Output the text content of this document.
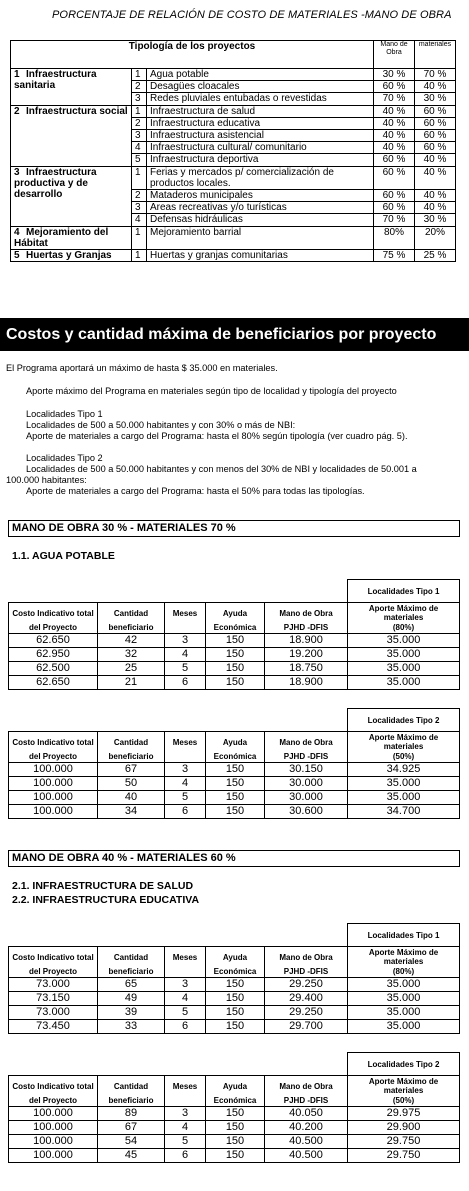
PORCENTAJE DE RELACIÓN DE COSTO DE MATERIALES -MANO DE OBRA
Tipología de los proyectos			Mano de Obra	materiales
1 Infraestructura sanitaria	1	Agua potable	30 %	70 %
	2	Desagües cloacales	60 %	40 %
	3	Redes pluviales entubadas o revestidas	70 %	30 %
2 Infraestructura social	1	Infraestructura de salud	40 %	60 %
	2	Infraestructura educativa	40 %	60 %
	3	Infraestructura asistencial	40 %	60 %
	4	Infraestructura cultural/ comunitario	40 %	60 %
	5	Infraestructura deportiva	60 %	40 %
3 Infraestructura productiva y de desarrollo	1	Ferias y mercados p/ comercialización de productos locales.	60 %	40 %
	2	Mataderos municipales	60 %	40 %
	3	Areas recreativas y/o turísticas	60 %	40 %
	4	Defensas hidráulicas	70 %	30 %
4 Mejoramiento del Hábitat	1	Mejoramiento barrial	80%	20%
5 Huertas y Granjas	1	Huertas y granjas comunitarias	75 %	25 %
Costos y cantidad máxima de beneficiarios por proyecto
El Programa aportará un máximo de hasta $ 35.000 en materiales.
Aporte máximo del Programa en materiales según tipo de localidad y tipología del proyecto
Localidades Tipo 1
Localidades de 500 a 50.000 habitantes y con 30% o más de NBI:
Aporte de materiales a cargo del Programa: hasta el 80% según tipología (ver cuadro pág. 5).
Localidades Tipo 2
Localidades de 500 a 50.000 habitantes y con menos del 30% de NBI y localidades de 50.001 a
100.000 habitantes:
Aporte de materiales a cargo del Programa: hasta el 50% para todas las tipologías.
MANO DE OBRA 30 % - MATERIALES 70 %
1.1. AGUA POTABLE
MANO DE OBRA 40 % - MATERIALES 60 %
2.1. INFRAESTRUCTURA DE SALUD
2.2. INFRAESTRUCTURA EDUCATIVA
					Localidades Tipo 1
Costo Indicativo total	Cantidad	Meses	Ayuda	Mano de Obra	Aporte Máximo de materiales
del Proyecto	beneficiario		Económica	PJHD -DFIS	(80%)
62.650	42	3	150	18.900	35.000
62.950	32	4	150	19.200	35.000
62.500	25	5	150	18.750	35.000
62.650	21	6	150	18.900	35.000
					Localidades Tipo 2
Costo Indicativo total	Cantidad	Meses	Ayuda	Mano de Obra	Aporte Máximo de materiales
del Proyecto	beneficiario		Económica	PJHD -DFIS	(50%)
100.000	67	3	150	30.150	34.925
100.000	50	4	150	30.000	35.000
100.000	40	5	150	30.000	35.000
100.000	34	6	150	30.600	34.700
					Localidades Tipo 1
Costo Indicativo total	Cantidad	Meses	Ayuda	Mano de Obra	Aporte Máximo de materiales
del Proyecto	beneficiario		Económica	PJHD -DFIS	(80%)
73.000	65	3	150	29.250	35.000
73.150	49	4	150	29.400	35.000
73.000	39	5	150	29.250	35.000
73.450	33	6	150	29.700	35.000
					Localidades Tipo 2
Costo Indicativo total	Cantidad	Meses	Ayuda	Mano de Obra	Aporte Máximo de materiales
del Proyecto	beneficiario		Económica	PJHD -DFIS	(50%)
100.000	89	3	150	40.050	29.975
100.000	67	4	150	40.200	29.900
100.000	54	5	150	40.500	29.750
100.000	45	6	150	40.500	29.750
